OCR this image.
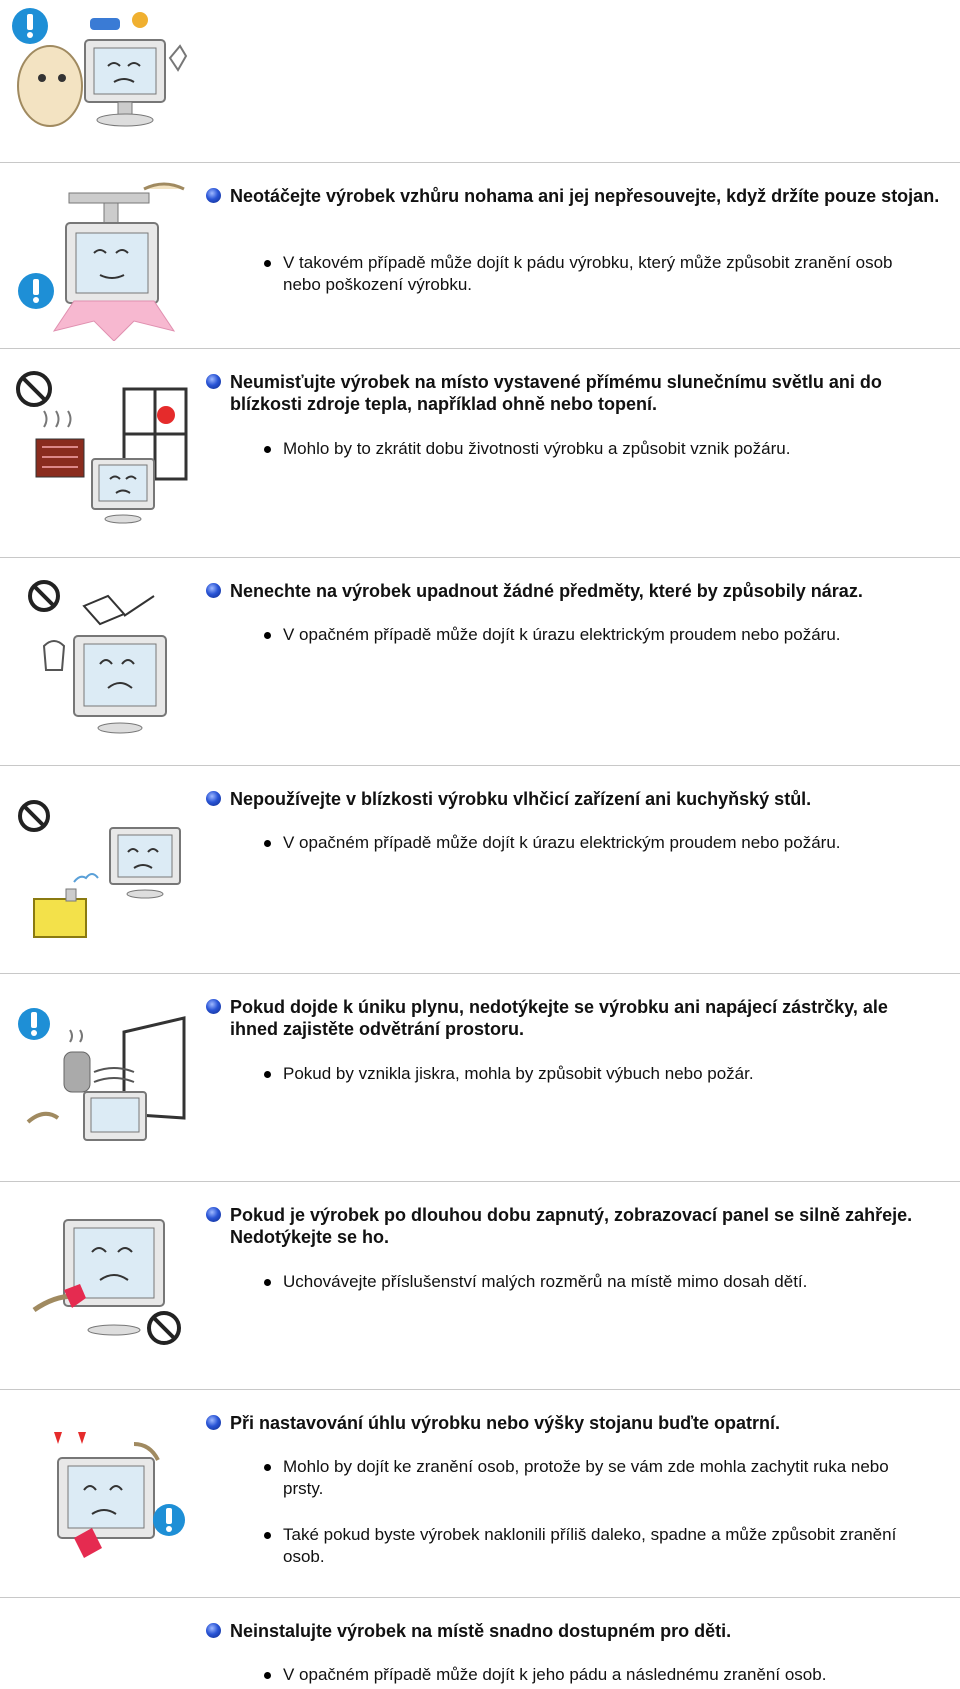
Neotáčejte výrobek vzhůru nohama ani jej nepřesouvejte, když držíte pouze stojan.
V takovém případě může dojít k pádu výrobku, který může způsobit zranění osob nebo poškození výrobku.
Neumisťujte výrobek na místo vystavené přímému slunečnímu světlu ani do blízkosti zdroje tepla, například ohně nebo topení.
Mohlo by to zkrátit dobu životnosti výrobku a způsobit vznik požáru.
Nenechte na výrobek upadnout žádné předměty, které by způsobily náraz.
V opačném případě může dojít k úrazu elektrickým proudem nebo požáru.
Nepoužívejte v blízkosti výrobku vlhčicí zařízení ani kuchyňský stůl.
V opačném případě může dojít k úrazu elektrickým proudem nebo požáru.
Pokud dojde k úniku plynu, nedotýkejte se výrobku ani napájecí zástrčky, ale ihned zajistěte odvětrání prostoru.
Pokud by vznikla jiskra, mohla by způsobit výbuch nebo požár.
Pokud je výrobek po dlouhou dobu zapnutý, zobrazovací panel se silně zahřeje. Nedotýkejte se ho.
Uchovávejte příslušenství malých rozměrů na místě mimo dosah dětí.
Při nastavování úhlu výrobku nebo výšky stojanu buďte opatrní.
Mohlo by dojít ke zranění osob, protože by se vám zde mohla zachytit ruka nebo prsty.
Také pokud byste výrobek naklonili příliš daleko, spadne a může způsobit zranění osob.
Neinstalujte výrobek na místě snadno dostupném pro děti.
V opačném případě může dojít k jeho pádu a následnému zranění osob.
